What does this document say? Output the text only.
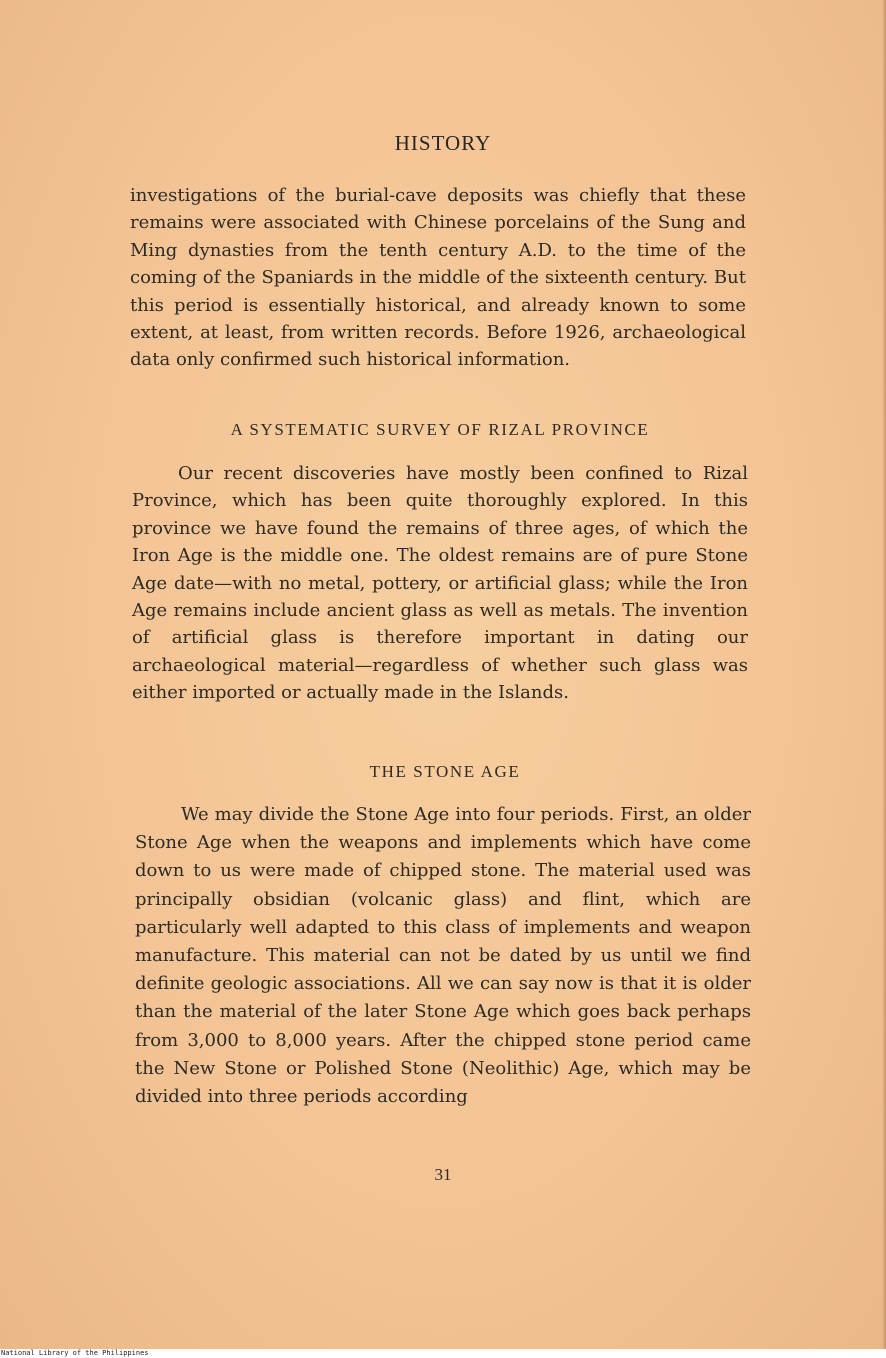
HISTORY

investigations of the burial-cave deposits was chiefly that these remains were associated with Chinese porcelains of the Sung and Ming dynasties from the tenth century A.D. to the time of the coming of the Spaniards in the middle of the sixteenth century. But this period is essentially historical, and already known to some extent, at least, from written records. Before 1926, archaeological data only confirmed such historical information.

A SYSTEMATIC SURVEY OF RIZAL PROVINCE

Our recent discoveries have mostly been confined to Rizal Province, which has been quite thoroughly explored. In this province we have found the remains of three ages, of which the Iron Age is the middle one. The oldest remains are of pure Stone Age date—with no metal, pottery, or artificial glass; while the Iron Age remains include ancient glass as well as metals. The invention of artificial glass is therefore important in dating our archaeological material—regardless of whether such glass was either imported or actually made in the Islands.

THE STONE AGE

We may divide the Stone Age into four periods. First, an older Stone Age when the weapons and implements which have come down to us were made of chipped stone. The material used was principally obsidian (volcanic glass) and flint, which are particularly well adapted to this class of implements and weapon manufacture. This material can not be dated by us until we find definite geologic associations. All we can say now is that it is older than the material of the later Stone Age which goes back perhaps from 3,000 to 8,000 years. After the chipped stone period came the New Stone or Polished Stone (Neolithic) Age, which may be divided into three periods according

31
National Library of the Philippines
